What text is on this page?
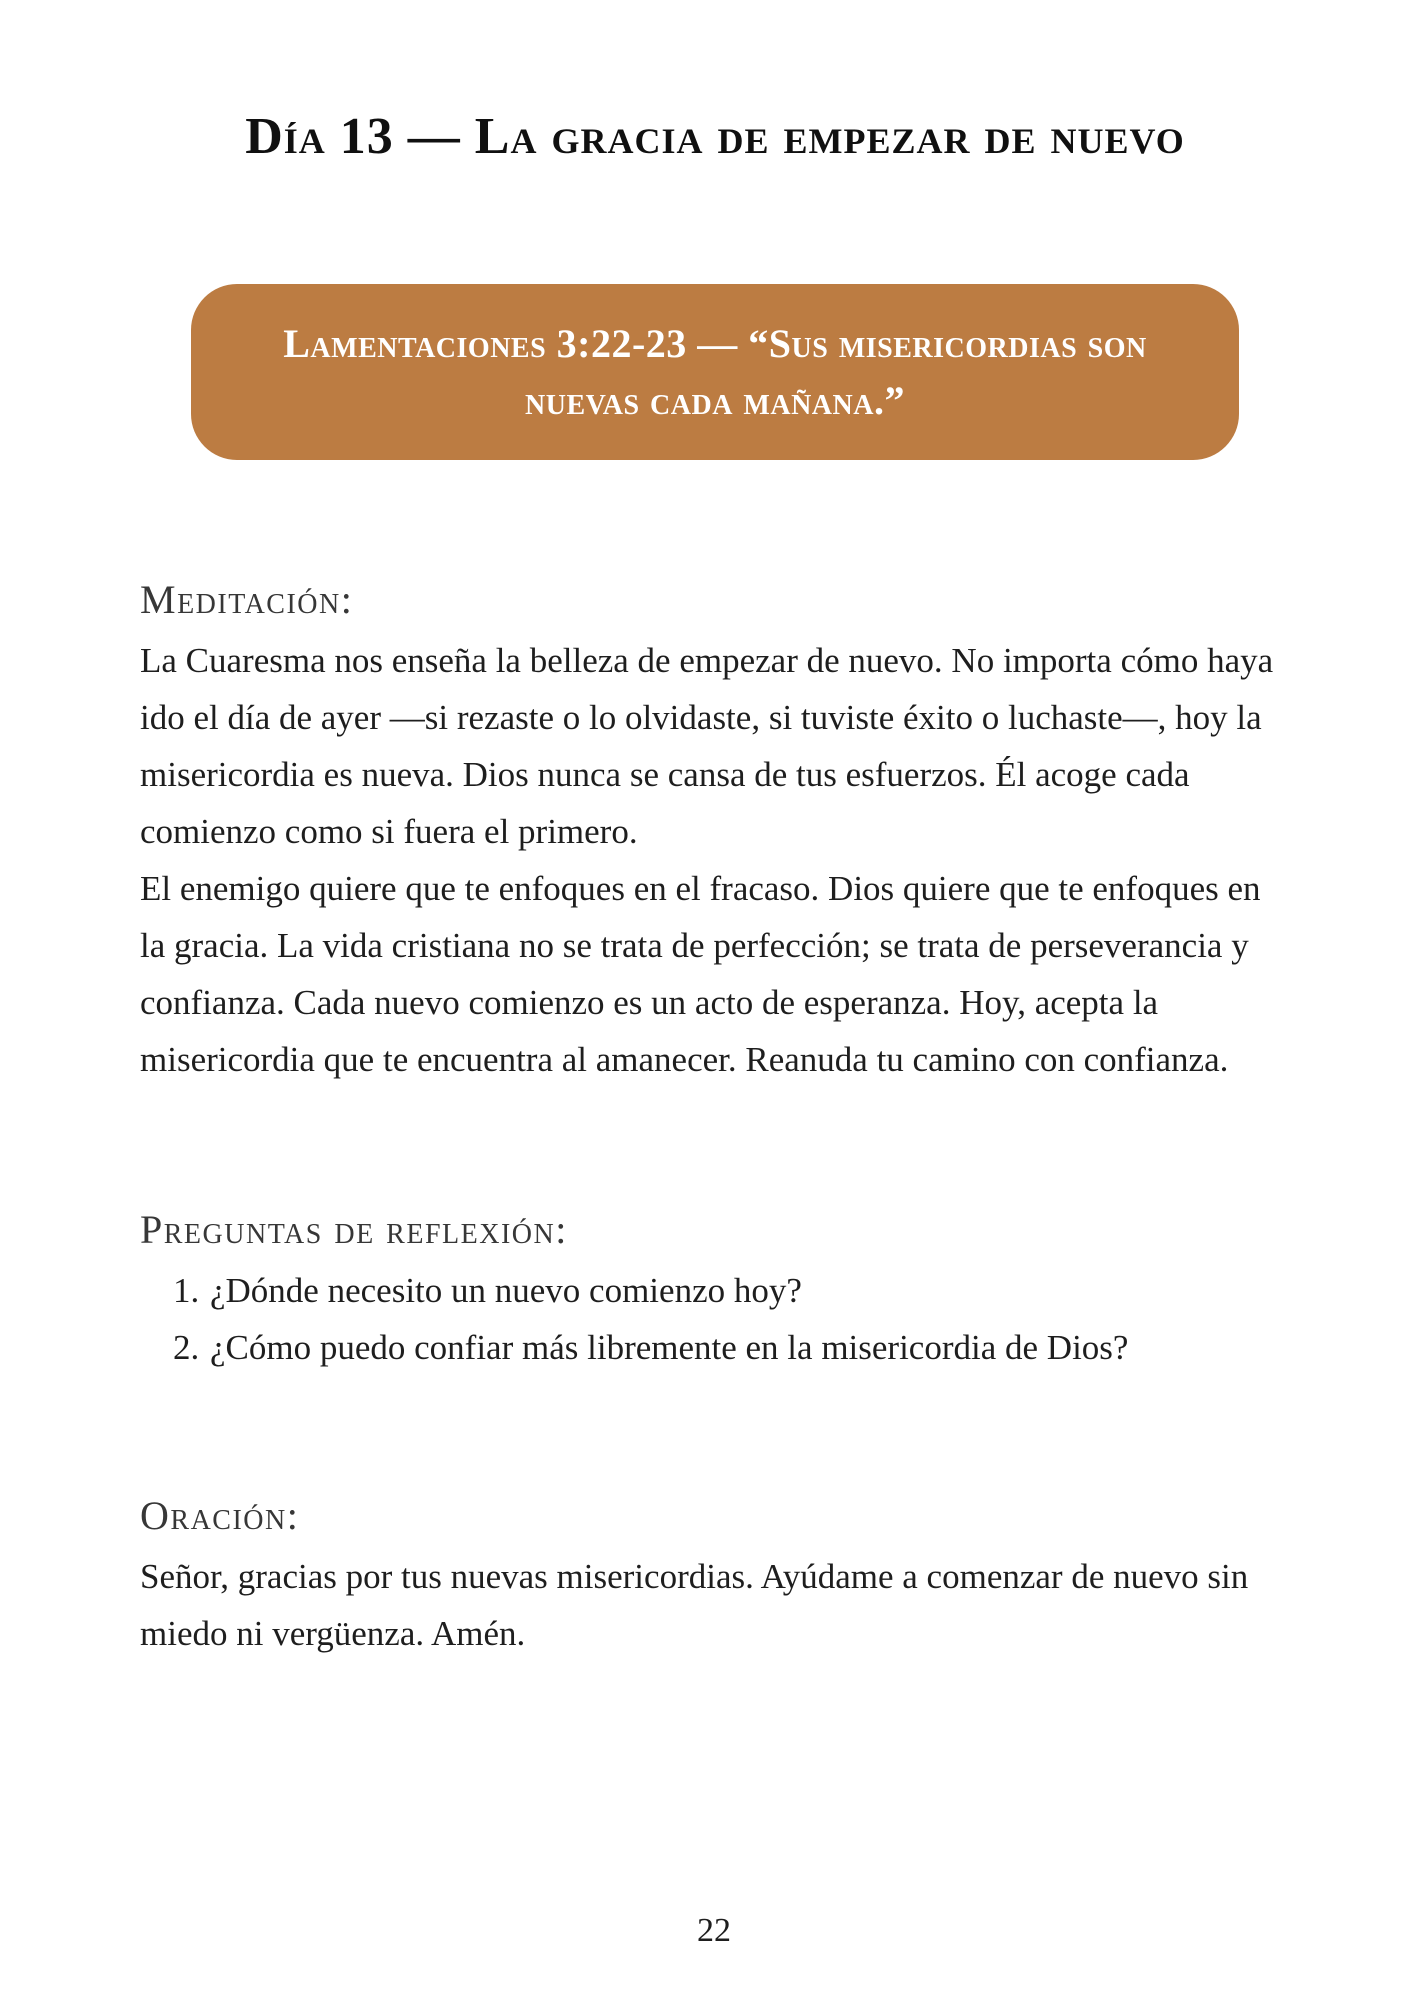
Día 13 — La gracia de empezar de nuevo

Lamentaciones 3:22-23 — “Sus misericordias son nuevas cada mañana.”

Meditación:

La Cuaresma nos enseña la belleza de empezar de nuevo. No importa cómo haya ido el día de ayer —si rezaste o lo olvidaste, si tuviste éxito o luchaste—, hoy la misericordia es nueva. Dios nunca se cansa de tus esfuerzos. Él acoge cada comienzo como si fuera el primero.

El enemigo quiere que te enfoques en el fracaso. Dios quiere que te enfoques en la gracia. La vida cristiana no se trata de perfección; se trata de perseverancia y confianza. Cada nuevo comienzo es un acto de esperanza. Hoy, acepta la misericordia que te encuentra al amanecer. Reanuda tu camino con confianza.

Preguntas de reflexión:
1. ¿Dónde necesito un nuevo comienzo hoy?
2. ¿Cómo puedo confiar más libremente en la misericordia de Dios?
Oración:

Señor, gracias por tus nuevas misericordias. Ayúdame a comenzar de nuevo sin miedo ni vergüenza. Amén.

22
